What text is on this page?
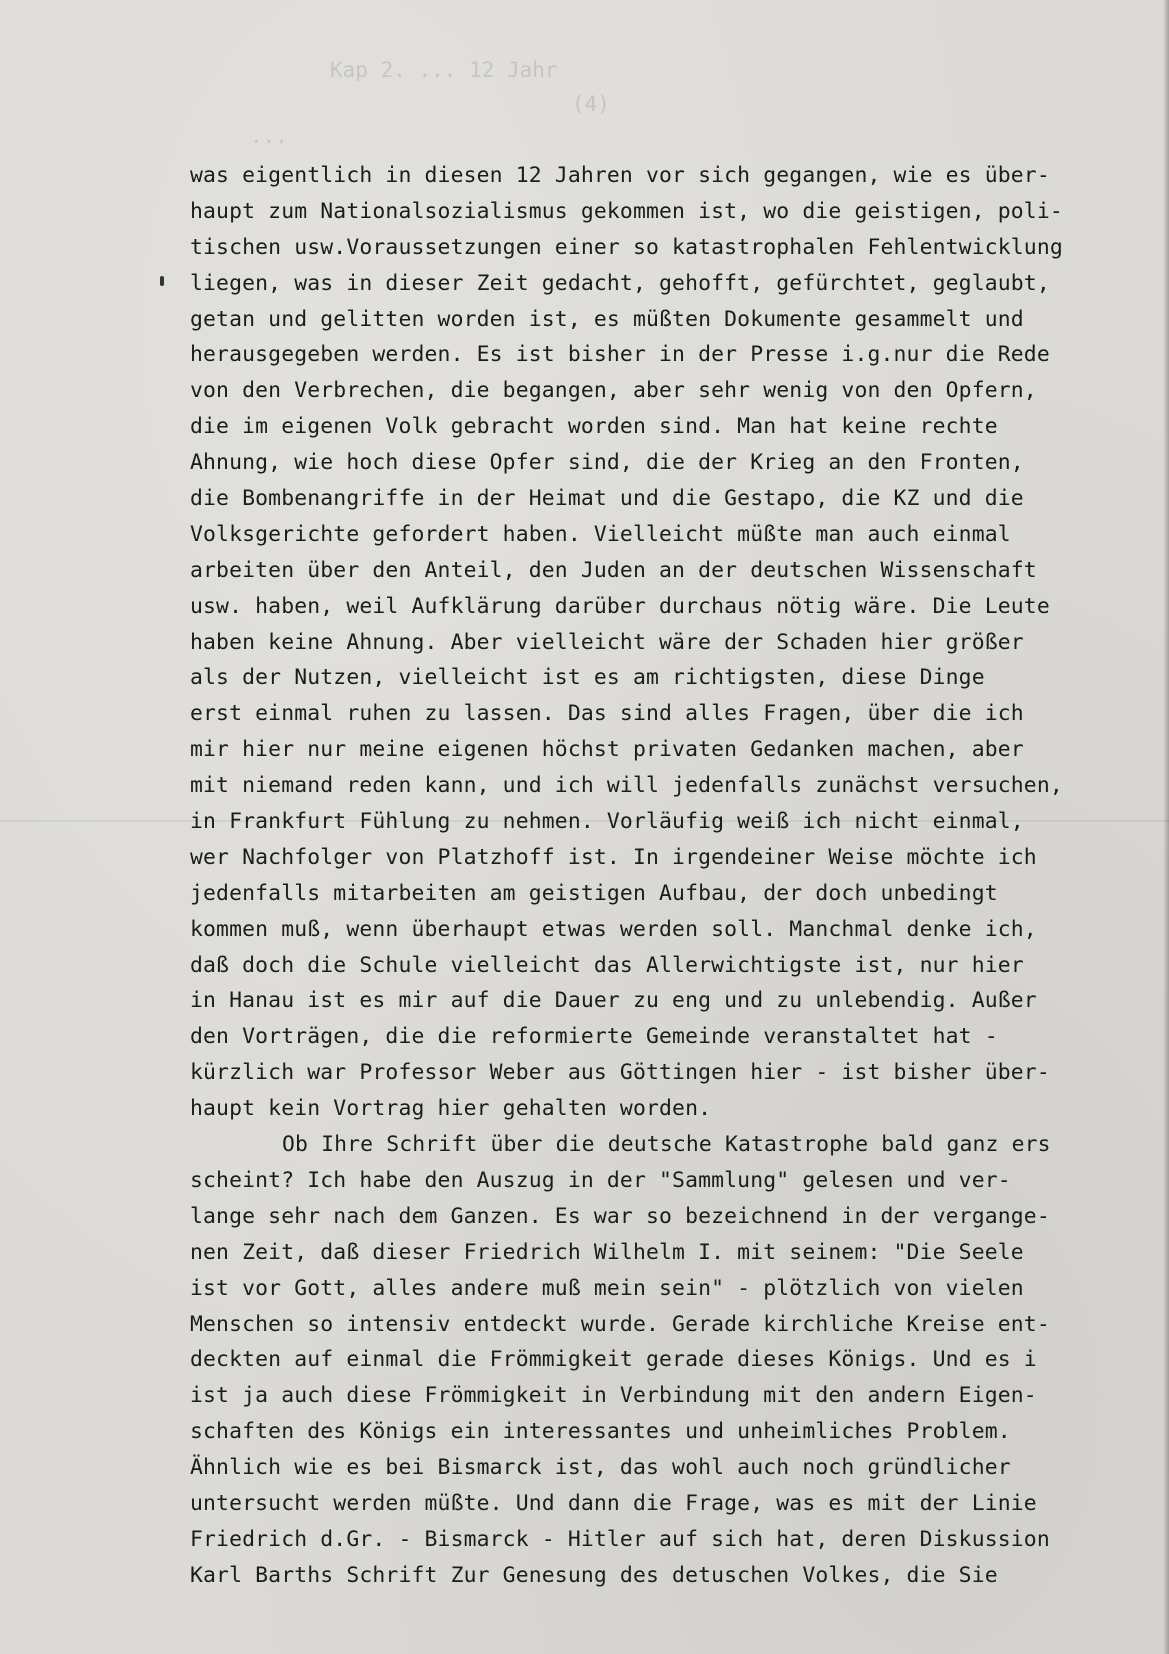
Kap 2. ... 12 Jahr
(4)
...
was eigentlich in diesen 12 Jahren vor sich gegangen, wie es über-
haupt zum Nationalsozialismus gekommen ist, wo die geistigen, poli-
tischen usw.Voraussetzungen einer so katastrophalen Fehlentwicklung
liegen, was in dieser Zeit gedacht, gehofft, gefürchtet, geglaubt,
getan und gelitten worden ist, es müßten Dokumente gesammelt und
herausgegeben werden. Es ist bisher in der Presse i.g.nur die Rede
von den Verbrechen, die begangen, aber sehr wenig von den Opfern,
die im eigenen Volk gebracht worden sind. Man hat keine rechte
Ahnung, wie hoch diese Opfer sind, die der Krieg an den Fronten,
die Bombenangriffe in der Heimat und die Gestapo, die KZ und die
Volksgerichte gefordert haben. Vielleicht müßte man auch einmal
arbeiten über den Anteil, den Juden an der deutschen Wissenschaft
usw. haben, weil Aufklärung darüber durchaus nötig wäre. Die Leute
haben keine Ahnung. Aber vielleicht wäre der Schaden hier größer
als der Nutzen, vielleicht ist es am richtigsten, diese Dinge
erst einmal ruhen zu lassen. Das sind alles Fragen, über die ich
mir hier nur meine eigenen höchst privaten Gedanken machen, aber
mit niemand reden kann, und ich will jedenfalls zunächst versuchen,
in Frankfurt Fühlung zu nehmen. Vorläufig weiß ich nicht einmal,
wer Nachfolger von Platzhoff ist. In irgendeiner Weise möchte ich
jedenfalls mitarbeiten am geistigen Aufbau, der doch unbedingt
kommen muß, wenn überhaupt etwas werden soll. Manchmal denke ich,
daß doch die Schule vielleicht das Allerwichtigste ist, nur hier
in Hanau ist es mir auf die Dauer zu eng und zu unlebendig. Außer
den Vorträgen, die die reformierte Gemeinde veranstaltet hat -
kürzlich war Professor Weber aus Göttingen hier - ist bisher über-
haupt kein Vortrag hier gehalten worden.
Ob Ihre Schrift über die deutsche Katastrophe bald ganz ers
scheint? Ich habe den Auszug in der "Sammlung" gelesen und ver-
lange sehr nach dem Ganzen. Es war so bezeichnend in der vergange-
nen Zeit, daß dieser Friedrich Wilhelm I. mit seinem: "Die Seele
ist vor Gott, alles andere muß mein sein" - plötzlich von vielen
Menschen so intensiv entdeckt wurde. Gerade kirchliche Kreise ent-
deckten auf einmal die Frömmigkeit gerade dieses Königs. Und es i
ist ja auch diese Frömmigkeit in Verbindung mit den andern Eigen-
schaften des Königs ein interessantes und unheimliches Problem.
Ähnlich wie es bei Bismarck ist, das wohl auch noch gründlicher
untersucht werden müßte. Und dann die Frage, was es mit der Linie
Friedrich d.Gr. - Bismarck - Hitler auf sich hat, deren Diskussion
Karl Barths Schrift Zur Genesung des detuschen Volkes, die Sie
